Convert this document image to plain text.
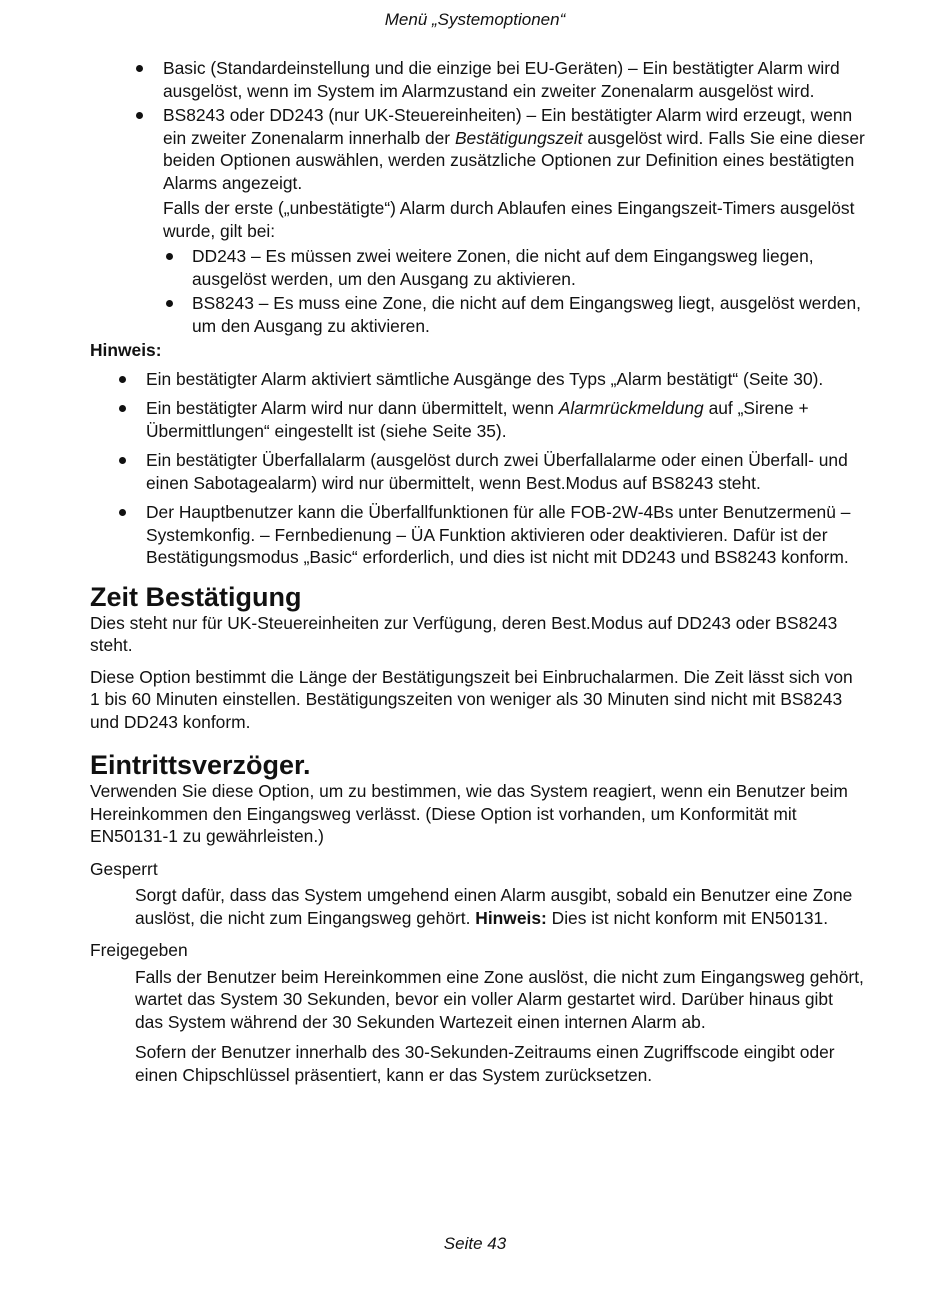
Menü „Systemoptionen“
Basic (Standardeinstellung und die einzige bei EU-Geräten) – Ein bestätigter Alarm wird ausgelöst, wenn im System im Alarmzustand ein zweiter Zonenalarm ausgelöst wird.
BS8243 oder DD243 (nur UK-Steuereinheiten) – Ein bestätigter Alarm wird erzeugt, wenn ein zweiter Zonenalarm innerhalb der Bestätigungszeit ausgelöst wird. Falls Sie eine dieser beiden Optionen auswählen, werden zusätzliche Optionen zur Definition eines bestätigten Alarms angezeigt.

Falls der erste („unbestätigte“) Alarm durch Ablaufen eines Eingangszeit-Timers ausgelöst wurde, gilt bei:

DD243 – Es müssen zwei weitere Zonen, die nicht auf dem Eingangsweg liegen, ausgelöst werden, um den Ausgang zu aktivieren.
BS8243 – Es muss eine Zone, die nicht auf dem Eingangsweg liegt, ausgelöst werden, um den Ausgang zu aktivieren.
Hinweis:
Ein bestätigter Alarm aktiviert sämtliche Ausgänge des Typs „Alarm bestätigt“ (Seite 30).
Ein bestätigter Alarm wird nur dann übermittelt, wenn Alarmrückmeldung auf „Sirene + Übermittlungen“ eingestellt ist (siehe Seite 35).
Ein bestätigter Überfallalarm (ausgelöst durch zwei Überfallalarme oder einen Überfall- und einen Sabotagealarm) wird nur übermittelt, wenn Best.Modus auf BS8243 steht.
Der Hauptbenutzer kann die Überfallfunktionen für alle FOB-2W-4Bs unter Benutzermenü – Systemkonfig. – Fernbedienung – ÜA Funktion aktivieren oder deaktivieren. Dafür ist der Bestätigungsmodus „Basic“ erforderlich, und dies ist nicht mit DD243 und BS8243 konform.
Zeit Bestätigung

Dies steht nur für UK-Steuereinheiten zur Verfügung, deren Best.Modus auf DD243 oder BS8243 steht.

Diese Option bestimmt die Länge der Bestätigungszeit bei Einbruchalarmen. Die Zeit lässt sich von 1 bis 60 Minuten einstellen. Bestätigungszeiten von weniger als 30 Minuten sind nicht mit BS8243 und DD243 konform.

Eintrittsverzöger.

Verwenden Sie diese Option, um zu bestimmen, wie das System reagiert, wenn ein Benutzer beim Hereinkommen den Eingangsweg verlässt. (Diese Option ist vorhanden, um Konformität mit EN50131-1 zu gewährleisten.)

Gesperrt

Sorgt dafür, dass das System umgehend einen Alarm ausgibt, sobald ein Benutzer eine Zone auslöst, die nicht zum Eingangsweg gehört. Hinweis: Dies ist nicht konform mit EN50131.

Freigegeben

Falls der Benutzer beim Hereinkommen eine Zone auslöst, die nicht zum Eingangsweg gehört, wartet das System 30 Sekunden, bevor ein voller Alarm gestartet wird. Darüber hinaus gibt das System während der 30 Sekunden Wartezeit einen internen Alarm ab.

Sofern der Benutzer innerhalb des 30-Sekunden-Zeitraums einen Zugriffscode eingibt oder einen Chipschlüssel präsentiert, kann er das System zurücksetzen.

Seite 43
